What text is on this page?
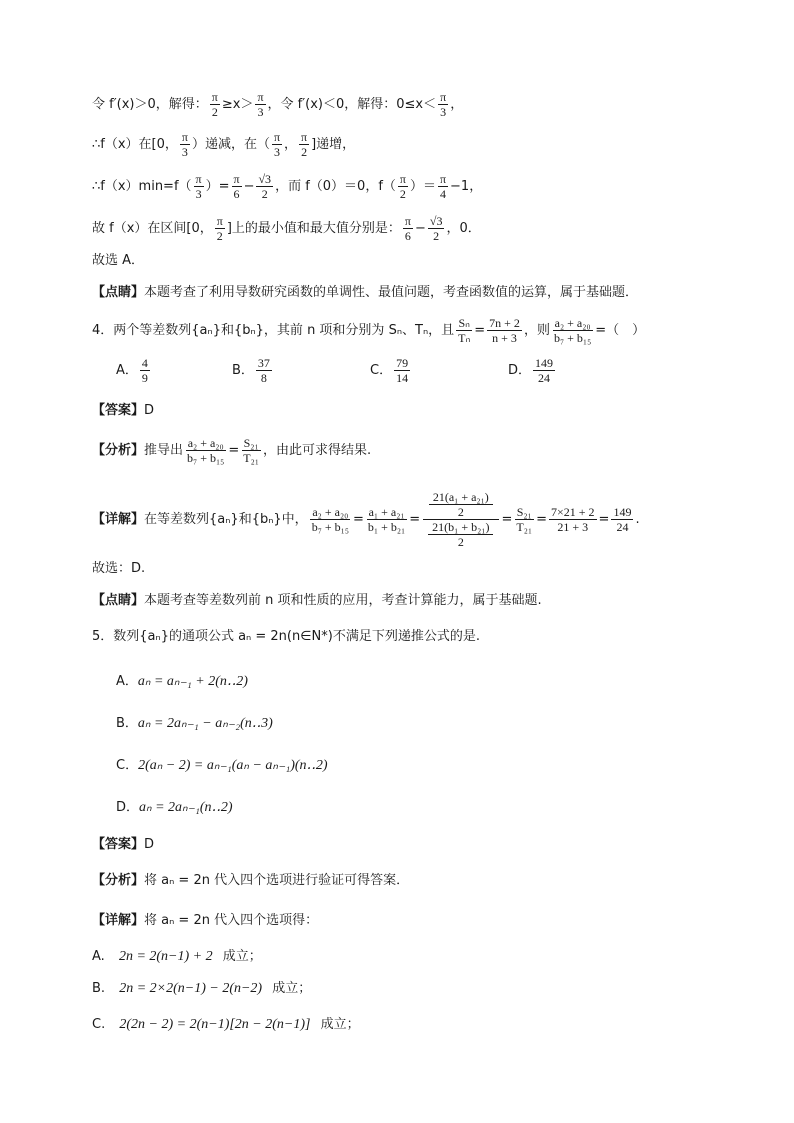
令 f′(x)＞0，解得： $\frac{\pi}{2} \ge x> \frac{\pi}{3}$ ，令 f′(x)＜0，解得：$0\le x< \frac{\pi}{3}$ ，
∴f（x）在[0， $\frac{\pi}{3}$ ）递减，在（ $\frac{\pi}{3}$ ， $\frac{\pi}{2}$ ]递增，
∴f（x）min=f（ $\frac{\pi}{3}$ ）= $\frac{\pi}{6} - \frac{√3}{2}$ ，而 f（0）＝0，$f( \frac{\pi}{2}$ ）＝ $\frac{\pi}{4} -1$，
故 f（x）在区间[0， $\frac{\pi}{2}$ ]上的最小值和最大值分别是： $\frac{\pi}{6} - \frac{√3}{2}$ ，0．
故选 A．
【点睛】本题考查了利用导数研究函数的单调性、最值问题，考查函数值的运算，属于基础题．
4．两个等差数列{aₙ}和{bₙ}，其前 n 项和分别为 Sₙ、Tₙ，且 $\frac{\text{Sₙ}}{\text{Tₙ}} = \frac{7n + 2}{n + 3}$ ，则 $\frac{\text{a₂ + a₂₀}}{\text{b₇ + b₁₅}}$ =（　）
A． $\frac{4}{9}$	B． $\frac{37}{8}$	C． $\frac{79}{14}$	D． $\frac{149}{24}$
【答案】D
【分析】推导出 $\frac{\text{a₂ + a₂₀}}{\text{b₇ + b₁₅}} = \frac{\text{S₂₁}}{\text{T₂₁}}$ ，由此可求得结果.
【详解】在等差数列{aₙ}和{bₙ}中， $\frac{\text{a₂ + a₂₀}}{\text{b₇ + b₁₅}} = \frac{\text{a₁ + a₂₁}}{\text{b₁ + b₂₁}} = \frac{\frac{\text{21(a₁ + a₂₁)}}{2}}{\frac{\text{21(b₁ + b₂₁)}}{2}} = \frac{\text{S₂₁}}{\text{T₂₁}} = \frac{7\times 21 + 2}{21 + 3} = \frac{149}{24}$ .
故选：D.
【点睛】本题考查等差数列前 n 项和性质的应用，考查计算能力，属于基础题.
5．数列{aₙ}的通项公式 aₙ = 2n(n∈N*)不满足下列递推公式的是.
A．aₙ = aₙ₋₁ + 2(n‥2)
B．aₙ = 2aₙ₋₁ − aₙ₋₂(n‥3)
C．2(aₙ − 2) = aₙ₋₁(aₙ − aₙ₋₁)(n‥2)
D．aₙ = 2aₙ₋₁(n‥2)
【答案】D
【分析】将 aₙ = 2n 代入四个选项进行验证可得答案．
【详解】将 aₙ = 2n 代入四个选项得：
A. 2n = 2(n−1) + 2 成立；
B. 2n = 2×2(n−1) − 2(n−2) 成立；
C. 2(2n − 2) = 2(n−1)[2n − 2(n−1)] 成立；
